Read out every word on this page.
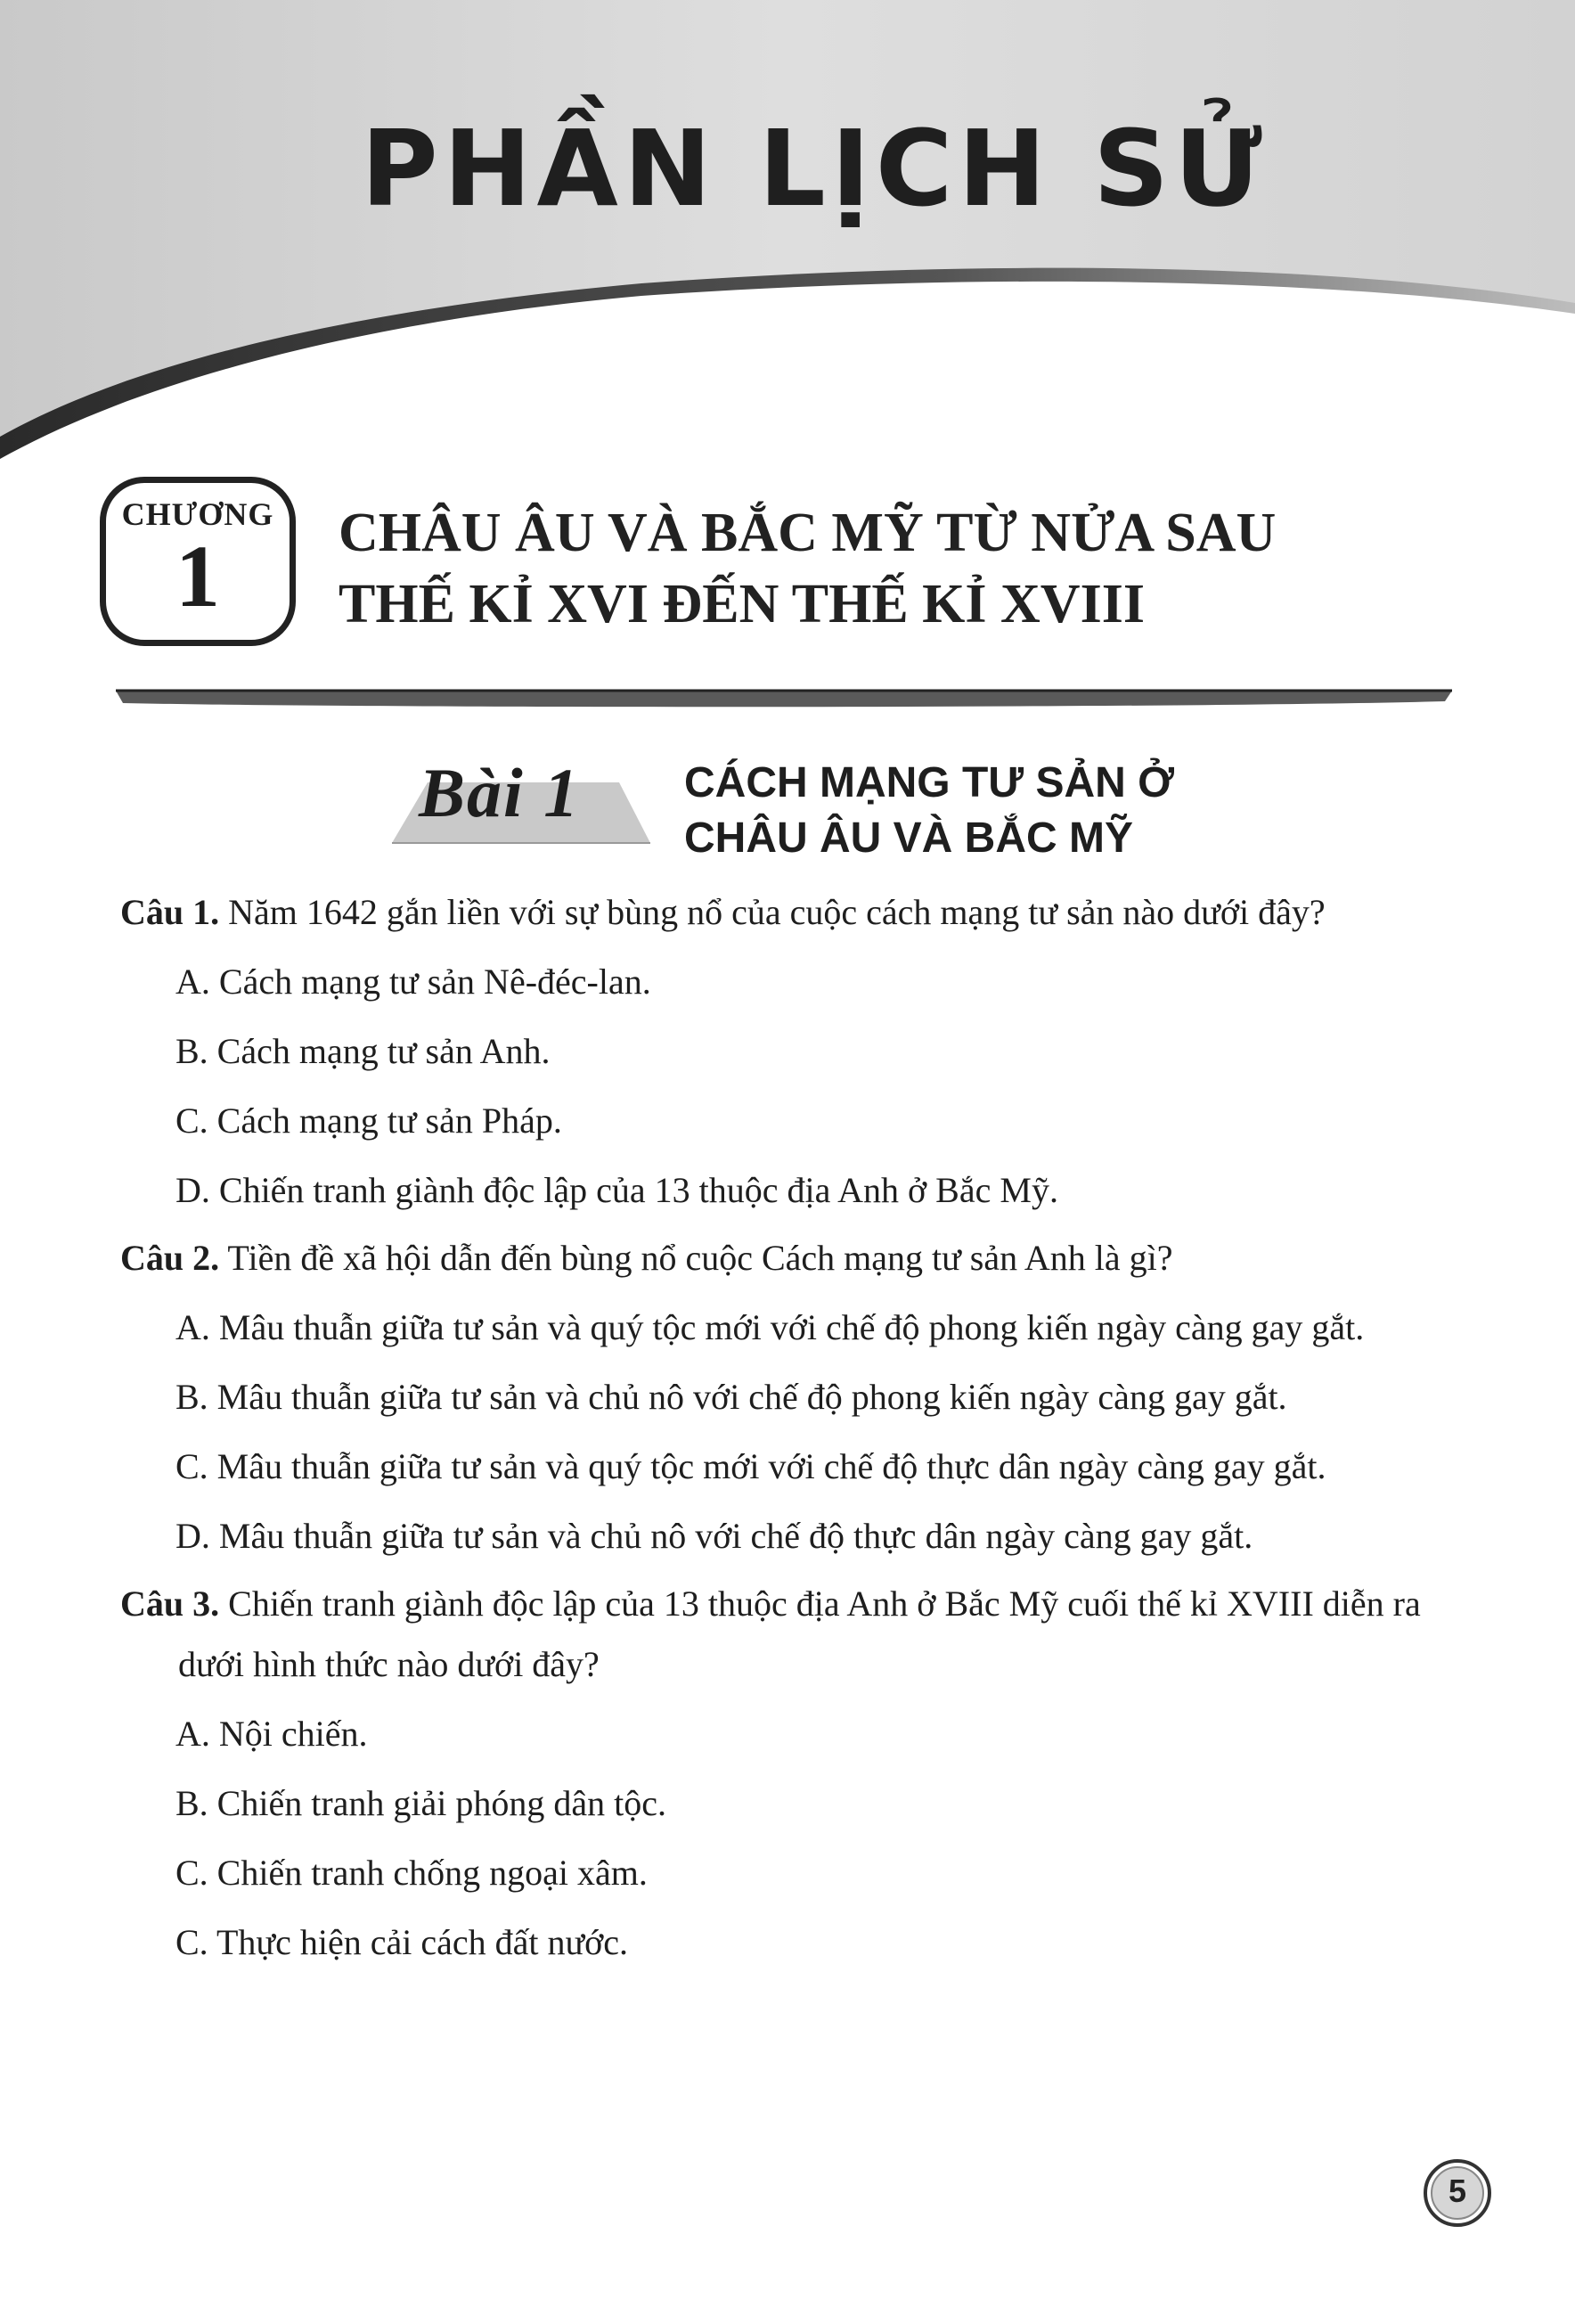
PHẦN LỊCH SỬ
CHƯƠNG
1	CHÂU ÂU VÀ BẮC MỸ TỪ NỬA SAU
THẾ KỈ XVI ĐẾN THẾ KỈ XVIII
Bài 1 CÁCH MẠNG TƯ SẢN Ở
CHÂU ÂU VÀ BẮC MỸ

Câu 1. Năm 1642 gắn liền với sự bùng nổ của cuộc cách mạng tư sản nào dưới đây?

A. Cách mạng tư sản Nê-đéc-lan.

B. Cách mạng tư sản Anh.

C. Cách mạng tư sản Pháp.

D. Chiến tranh giành độc lập của 13 thuộc địa Anh ở Bắc Mỹ.

Câu 2. Tiền đề xã hội dẫn đến bùng nổ cuộc Cách mạng tư sản Anh là gì?

A. Mâu thuẫn giữa tư sản và quý tộc mới với chế độ phong kiến ngày càng gay gắt.

B. Mâu thuẫn giữa tư sản và chủ nô với chế độ phong kiến ngày càng gay gắt.

C. Mâu thuẫn giữa tư sản và quý tộc mới với chế độ thực dân ngày càng gay gắt.

D. Mâu thuẫn giữa tư sản và chủ nô với chế độ thực dân ngày càng gay gắt.

Câu 3. Chiến tranh giành độc lập của 13 thuộc địa Anh ở Bắc Mỹ cuối thế kỉ XVIII diễn ra dưới hình thức nào dưới đây?

A. Nội chiến.

B. Chiến tranh giải phóng dân tộc.

C. Chiến tranh chống ngoại xâm.

C. Thực hiện cải cách đất nước.

5
